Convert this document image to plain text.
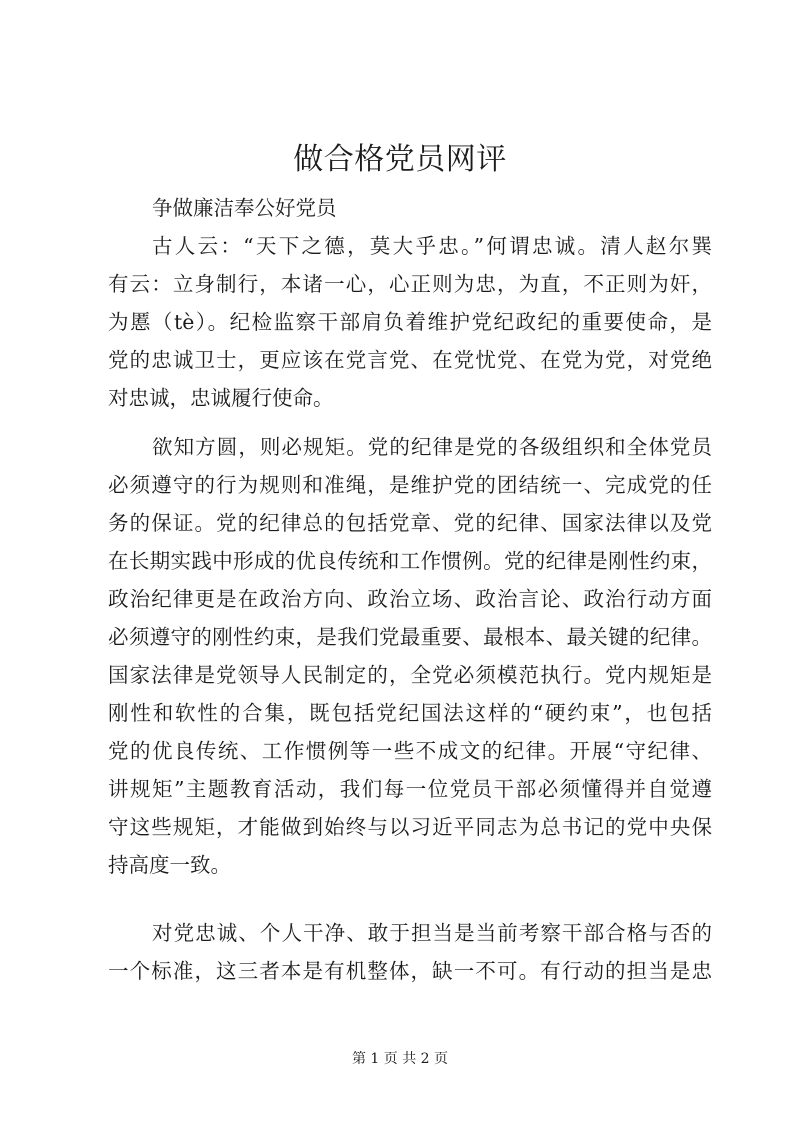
做合格党员网评
争做廉洁奉公好党员
古人云：“天下之德，莫大乎忠。”何谓忠诚。清人赵尔巽
有云：立身制行，本诸一心，心正则为忠，为直，不正则为奸，
为慝（tè）。纪检监察干部肩负着维护党纪政纪的重要使命，是
党的忠诚卫士，更应该在党言党、在党忧党、在党为党，对党绝
对忠诚，忠诚履行使命。
欲知方圆，则必规矩。党的纪律是党的各级组织和全体党员
必须遵守的行为规则和准绳，是维护党的团结统一、完成党的任
务的保证。党的纪律总的包括党章、党的纪律、国家法律以及党
在长期实践中形成的优良传统和工作惯例。党的纪律是刚性约束，
政治纪律更是在政治方向、政治立场、政治言论、政治行动方面
必须遵守的刚性约束，是我们党最重要、最根本、最关键的纪律。
国家法律是党领导人民制定的，全党必须模范执行。党内规矩是
刚性和软性的合集，既包括党纪国法这样的“硬约束”，也包括
党的优良传统、工作惯例等一些不成文的纪律。开展“守纪律、
讲规矩”主题教育活动，我们每一位党员干部必须懂得并自觉遵
守这些规矩，才能做到始终与以习近平同志为总书记的党中央保
持高度一致。
对党忠诚、个人干净、敢于担当是当前考察干部合格与否的
一个标准，这三者本是有机整体，缺一不可。有行动的担当是忠
第 1 页 共 2 页
